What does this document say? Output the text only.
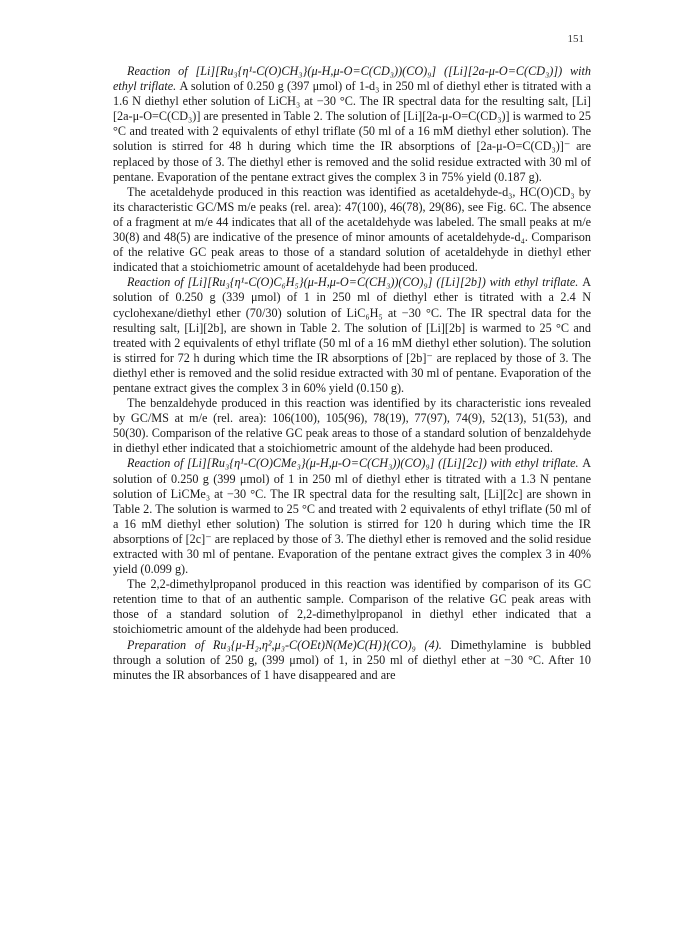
151

Reaction of [Li][Ru₃{η¹-C(O)CH₃}(μ-H,μ-O=C(CD₃))(CO)₉] ([Li][2a-μ-O=C(CD₃)]) with ethyl triflate. A solution of 0.250 g (397 μmol) of 1-d₃ in 250 ml of diethyl ether is titrated with a 1.6 N diethyl ether solution of LiCH₃ at −30 °C. The IR spectral data for the resulting salt, [Li][2a-μ-O=C(CD₃)] are presented in Table 2. The solution of [Li][2a-μ-O=C(CD₃)] is warmed to 25 °C and treated with 2 equivalents of ethyl triflate (50 ml of a 16 mM diethyl ether solution). The solution is stirred for 48 h during which time the IR absorptions of [2a-μ-O=C(CD₃)]⁻ are replaced by those of 3. The diethyl ether is removed and the solid residue extracted with 30 ml of pentane. Evaporation of the pentane extract gives the complex 3 in 75% yield (0.187 g).

The acetaldehyde produced in this reaction was identified as acetaldehyde-d₃, HC(O)CD₃ by its characteristic GC/MS m/e peaks (rel. area): 47(100), 46(78), 29(86), see Fig. 6C. The absence of a fragment at m/e 44 indicates that all of the acetaldehyde was labeled. The small peaks at m/e 30(8) and 48(5) are indicative of the presence of minor amounts of acetaldehyde-d₄. Comparison of the relative GC peak areas to those of a standard solution of acetaldehyde in diethyl ether indicated that a stoichiometric amount of acetaldehyde had been produced.

Reaction of [Li][Ru₃{η¹-C(O)C₆H₅}(μ-H,μ-O=C(CH₃))(CO)₉] ([Li][2b]) with ethyl triflate. A solution of 0.250 g (339 μmol) of 1 in 250 ml of diethyl ether is titrated with a 2.4 N cyclohexane/diethyl ether (70/30) solution of LiC₆H₅ at −30 °C. The IR spectral data for the resulting salt, [Li][2b], are shown in Table 2. The solution of [Li][2b] is warmed to 25 °C and treated with 2 equivalents of ethyl triflate (50 ml of a 16 mM diethyl ether solution). The solution is stirred for 72 h during which time the IR absorptions of [2b]⁻ are replaced by those of 3. The diethyl ether is removed and the solid residue extracted with 30 ml of pentane. Evaporation of the pentane extract gives the complex 3 in 60% yield (0.150 g).

The benzaldehyde produced in this reaction was identified by its characteristic ions revealed by GC/MS at m/e (rel. area): 106(100), 105(96), 78(19), 77(97), 74(9), 52(13), 51(53), and 50(30). Comparison of the relative GC peak areas to those of a standard solution of benzaldehyde in diethyl ether indicated that a stoichiometric amount of the aldehyde had been produced.

Reaction of [Li][Ru₃{η¹-C(O)CMe₃}(μ-H,μ-O=C(CH₃))(CO)₉] ([Li][2c]) with ethyl triflate. A solution of 0.250 g (399 μmol) of 1 in 250 ml of diethyl ether is titrated with a 1.3 N pentane solution of LiCMe₃ at −30 °C. The IR spectral data for the resulting salt, [Li][2c] are shown in Table 2. The solution is warmed to 25 °C and treated with 2 equivalents of ethyl triflate (50 ml of a 16 mM diethyl ether solution) The solution is stirred for 120 h during which time the IR absorptions of [2c]⁻ are replaced by those of 3. The diethyl ether is removed and the solid residue extracted with 30 ml of pentane. Evaporation of the pentane extract gives the complex 3 in 40% yield (0.099 g).

The 2,2-dimethylpropanol produced in this reaction was identified by comparison of its GC retention time to that of an authentic sample. Comparison of the relative GC peak areas with those of a standard solution of 2,2-dimethylpropanol in diethyl ether indicated that a stoichiometric amount of the aldehyde had been produced.

Preparation of Ru₃{μ-H₂,η²,μ₃-C(OEt)N(Me)C(H)}(CO)₉ (4). Dimethylamine is bubbled through a solution of 250 g, (399 μmol) of 1, in 250 ml of diethyl ether at −30 °C. After 10 minutes the IR absorbances of 1 have disappeared and are
